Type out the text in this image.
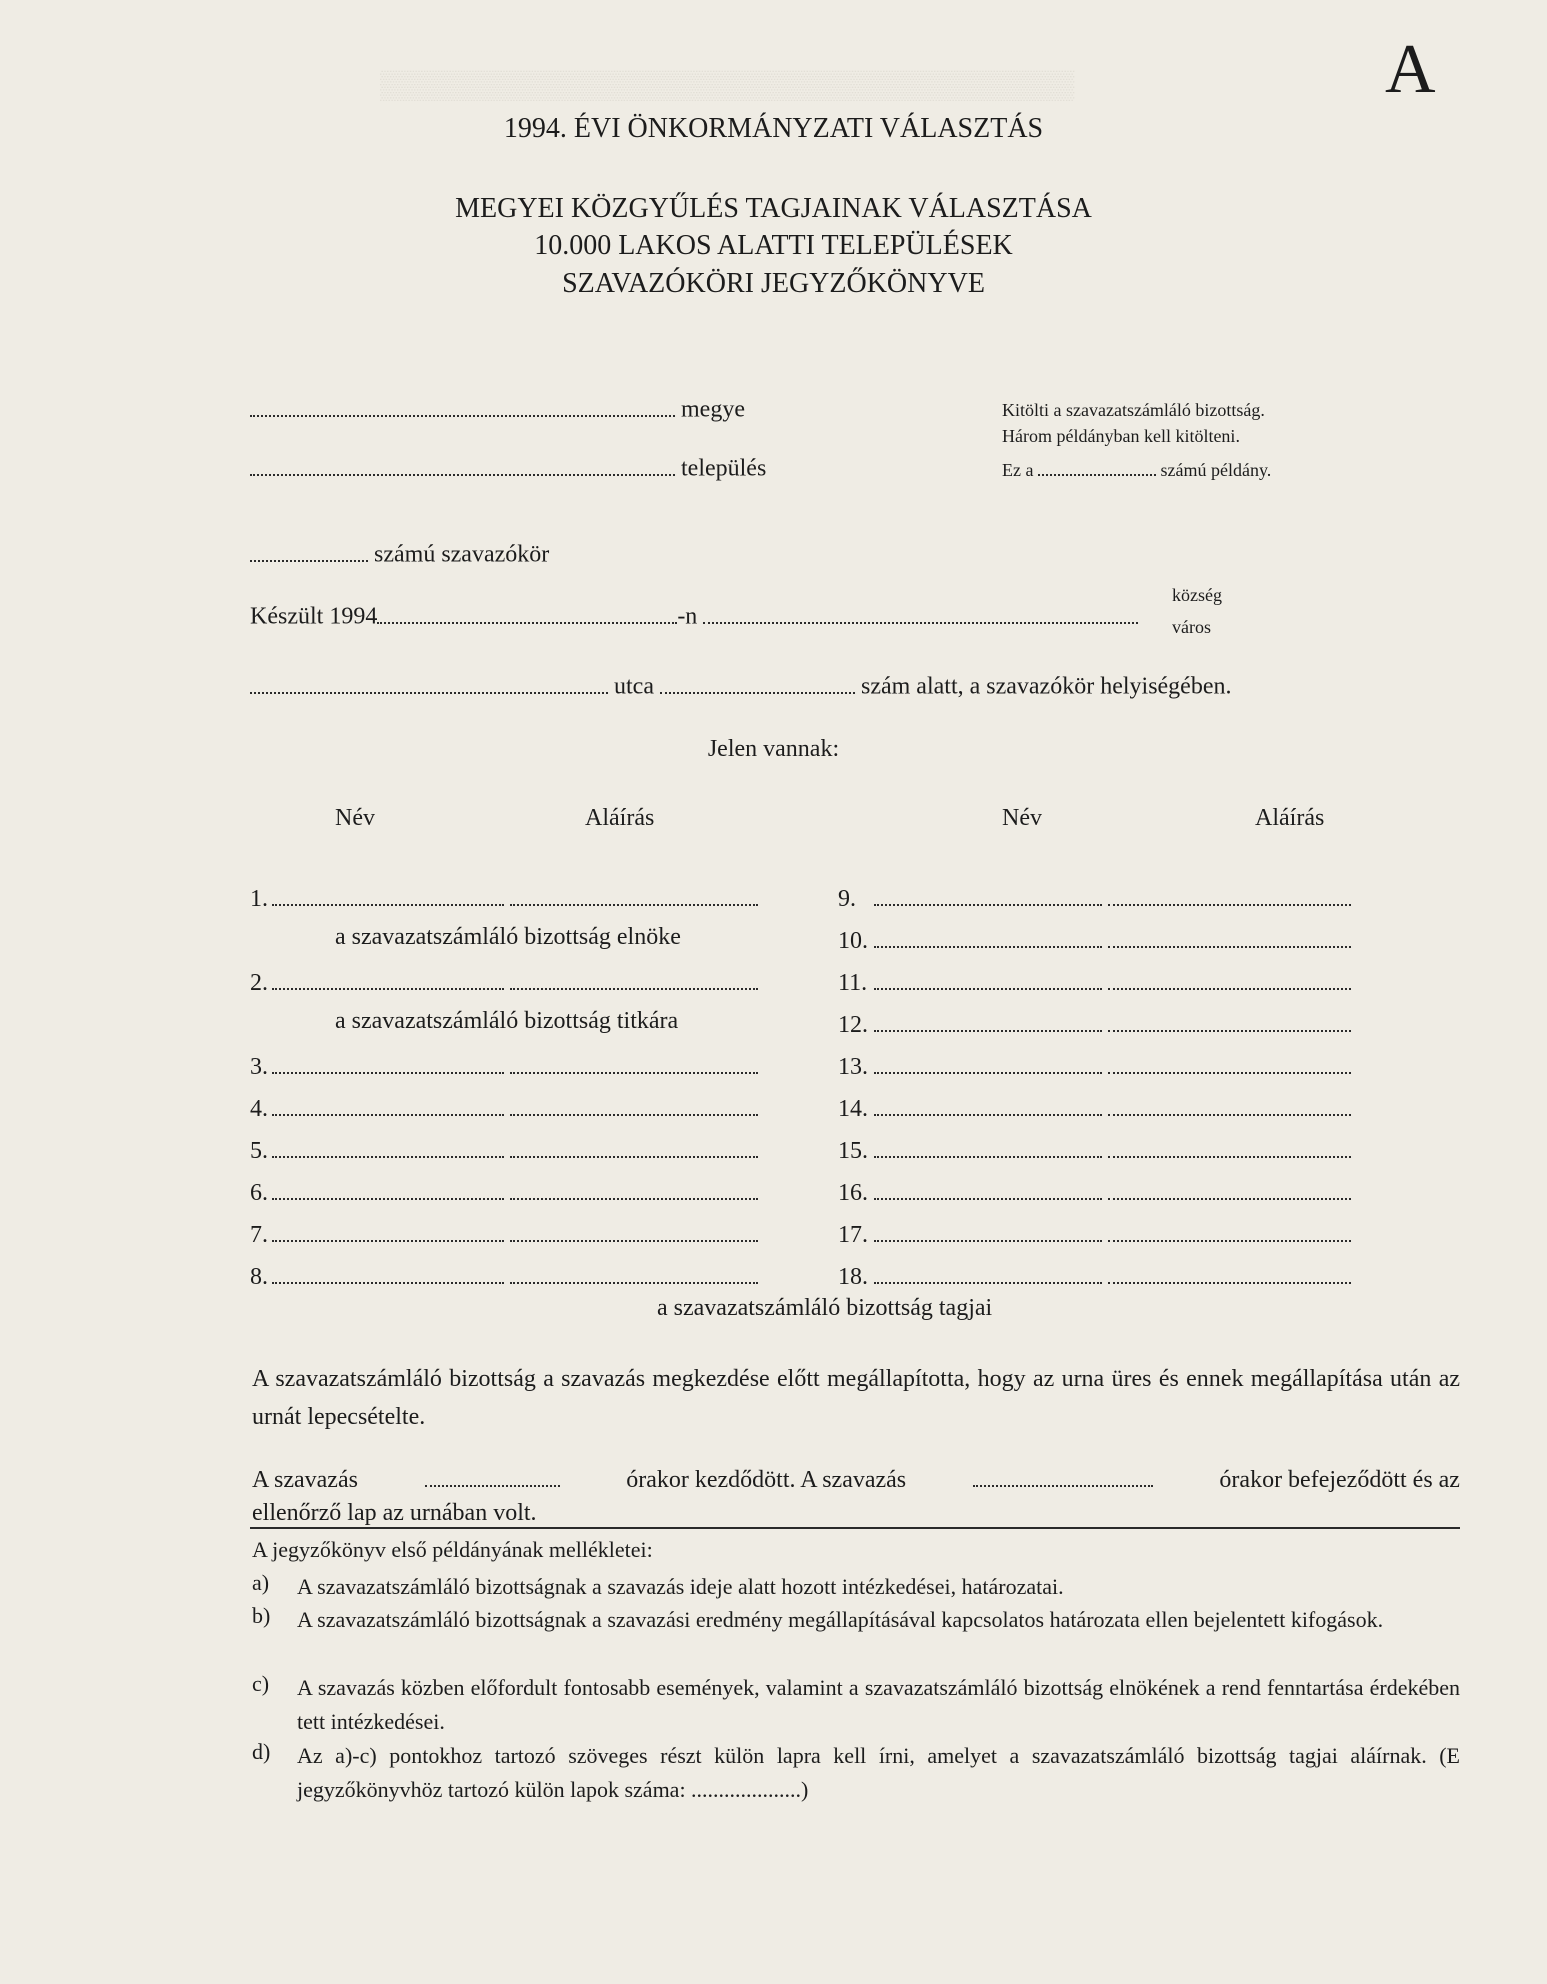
▒▒▒▒▒▒▒▒▒▒▒▒▒▒▒▒▒▒▒▒▒▒▒▒▒▒▒▒▒▒▒▒▒▒▒	A
1994. ÉVI ÖNKORMÁNYZATI VÁLASZTÁS
MEGYEI KÖZGYŰLÉS TAGJAINAK VÁLASZTÁSA
10.000 LAKOS ALATTI TELEPÜLÉSEK
SZAVAZÓKÖRI JEGYZŐKÖNYVE
megye
település
Kitölti a szavazatszámláló bizottság.
Három példányban kell kitölteni.
Ez a	számú példány.
számú szavazókör
Készült 1994	-n
község
város
utca	szám alatt, a szavazókör helyiségében.
Jelen vannak:
Név	Aláírás	Név	Aláírás
1.
a szavazatszámláló bizottság elnöke
2.
a szavazatszámláló bizottság titkára
3.
4.
5.
6.
7.
8.
9.
10.
11.
12.
13.
14.
15.
16.
17.
18.
a szavazatszámláló bizottság tagjai
A szavazatszámláló bizottság a szavazás megkezdése előtt megállapította, hogy az urna üres és ennek megállapítása után az urnát lepecsételte.
A szavazás	órakor kezdődött. A szavazás	órakor befejeződött és az
ellenőrző lap az urnában volt.
A jegyzőkönyv első példányának mellékletei:
a) A szavazatszámláló bizottságnak a szavazás ideje alatt hozott intézkedései, határozatai.
b) A szavazatszámláló bizottságnak a szavazási eredmény megállapításával kapcsolatos határozata ellen bejelentett kifogások.
c) A szavazás közben előfordult fontosabb események, valamint a szavazatszámláló bizottság elnökének a rend fenntartása érdekében tett intézkedései.
d) Az a)-c) pontokhoz tartozó szöveges részt külön lapra kell írni, amelyet a szavazatszámláló bizottság tagjai aláírnak. (E jegyzőkönyvhöz tartozó külön lapok száma: ....................)
